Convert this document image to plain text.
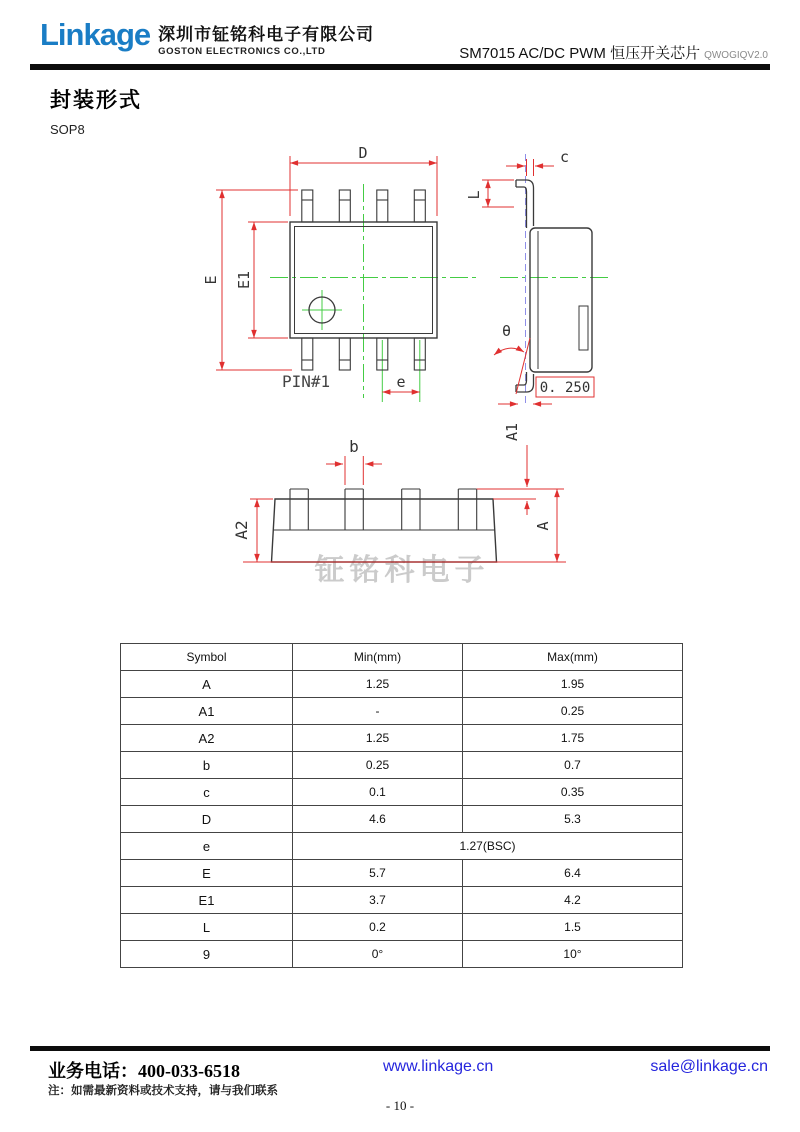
Linkage 深圳市钲铭科电子有限公司
GOSTON ELECTRONICS CO.,LTD	SM7015 AC/DC PWM 恒压开关芯片 QWOGIQV2.0
封装形式
SOP8
钲铭科电子
D
E E1
e
PIN#1
c
L
θ
0. 250
b
A2
A1
A
Symbol	Min(mm)	Max(mm)
A	1.25	1.95
A1	-	0.25
A2	1.25	1.75
b	0.25	0.7
c	0.1	0.35
D	4.6	5.3
e	1.27(BSC)	
E	5.7	6.4
E1	3.7	4.2
L	0.2	1.5
9	0°	10°
业务电话：400-033-6518	www.linkage.cn	sale@linkage.cn
注：如需最新资料或技术支持，请与我们联系
- 10 -
